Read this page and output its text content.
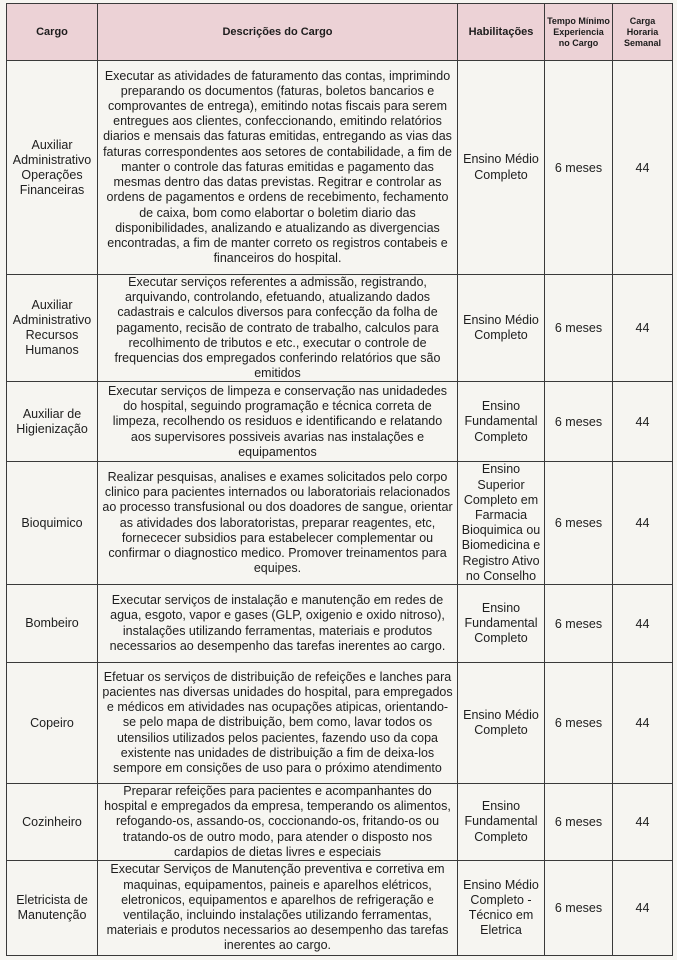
Cargo	Descrições do Cargo	Habilitações	Tempo Mínimo Experiencia no Cargo	Carga Horaria Semanal
Auxiliar Administrativo Operações Financeiras	Executar as atividades de faturamento das contas, imprimindo preparando os documentos (faturas, boletos bancarios e comprovantes de entrega), emitindo notas fiscais para serem entregues aos clientes, confeccionando, emitindo relatórios diarios e mensais das faturas emitidas, entregando as vias das faturas correspondentes aos setores de contabilidade, a fim de manter o controle das faturas emitidas e pagamento das mesmas dentro das datas previstas. Regitrar e controlar as ordens de pagamentos e ordens de recebimento, fechamento de caixa, bom como elabortar o boletim diario das disponibilidades, analizando e atualizando as divergencias encontradas, a fim de manter correto os registros contabeis e financeiros do hospital.	Ensino Médio Completo	6 meses	44
Auxiliar Administrativo Recursos Humanos	Executar serviços referentes a admissão, registrando, arquivando, controlando, efetuando, atualizando dados cadastrais e calculos diversos para confecção da folha de pagamento, recisão de contrato de trabalho, calculos para recolhimento de tributos e etc., executar o controle de frequencias dos empregados conferindo relatórios que são emitidos	Ensino Médio Completo	6 meses	44
Auxiliar de Higienização	Executar serviços de limpeza e conservação nas unidadedes do hospital, seguindo programação e técnica correta de limpeza, recolhendo os residuos e identificando e relatando aos supervisores possiveis avarias nas instalações e equipamentos	Ensino Fundamental Completo	6 meses	44
Bioquimico	Realizar pesquisas, analises e exames solicitados pelo corpo clinico para pacientes internados ou laboratoriais relacionados ao processo transfusional ou dos doadores de sangue, orientar as atividades dos laboratoristas, preparar reagentes, etc, fornececer subsidios para estabelecer complementar ou confirmar o diagnostico medico. Promover treinamentos para equipes.	Ensino Superior Completo em Farmacia Bioquimica ou Biomedicina e Registro Ativo no Conselho	6 meses	44
Bombeiro	Executar serviços de instalação e manutenção em redes de agua, esgoto, vapor e gases (GLP, oxigenio e oxido nitroso), instalações utilizando ferramentas, materiais e produtos necessarios ao desempenho das tarefas inerentes ao cargo.	Ensino Fundamental Completo	6 meses	44
Copeiro	Efetuar os serviços de distribuição de refeições e lanches para pacientes nas diversas unidades do hospital, para empregados e médicos em atividades nas ocupações atipicas, orientando-se pelo mapa de distribuição, bem como, lavar todos os utensilios utilizados pelos pacientes, fazendo uso da copa existente nas unidades de distribuição a fim de deixa-los sempore em consições de uso para o próximo atendimento	Ensino Médio Completo	6 meses	44
Cozinheiro	Preparar refeições para pacientes e acompanhantes do hospital e empregados da empresa, temperando os alimentos, refogando-os, assando-os, coccionando-os, fritando-os ou tratando-os de outro modo, para atender o disposto nos cardapios de dietas livres e especiais	Ensino Fundamental Completo	6 meses	44
Eletricista de Manutenção	Executar Serviços de Manutenção preventiva e corretiva em maquinas, equipamentos, paineis e aparelhos elétricos, eletronicos, equipamentos e aparelhos de refrigeração e ventilação, incluindo instalações utilizando ferramentas, materiais e produtos necessarios ao desempenho das tarefas inerentes ao cargo.	Ensino Médio Completo - Técnico em Eletrica	6 meses	44
